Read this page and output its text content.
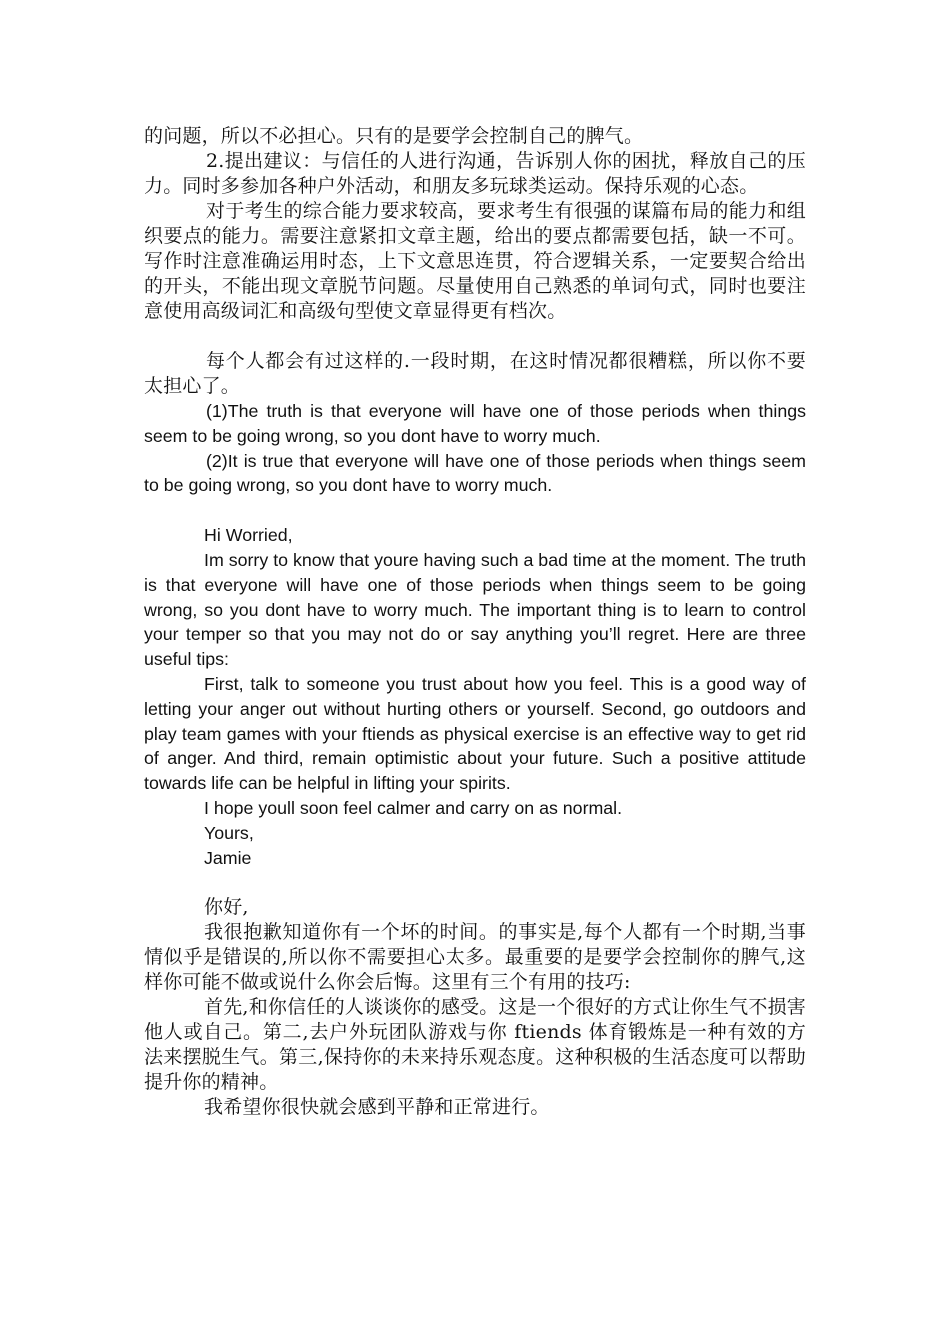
的问题，所以不必担心。只有的是要学会控制自己的脾气。

2.提出建议：与信任的人进行沟通，告诉别人你的困扰，释放自己的压力。同时多参加各种户外活动，和朋友多玩球类运动。保持乐观的心态。

对于考生的综合能力要求较高，要求考生有很强的谋篇布局的能力和组织要点的能力。需要注意紧扣文章主题，给出的要点都需要包括，缺一不可。写作时注意准确运用时态，上下文意思连贯，符合逻辑关系，一定要契合给出的开头，不能出现文章脱节问题。尽量使用自己熟悉的单词句式，同时也要注意使用高级词汇和高级句型使文章显得更有档次。

每个人都会有过这样的.一段时期，在这时情况都很糟糕，所以你不要太担心了。

(1)The truth is that everyone will have one of those periods when things seem to be going wrong, so you dont have to worry much.

(2)It is true that everyone will have one of those periods when things seem to be going wrong, so you dont have to worry much.

Hi Worried,

Im sorry to know that youre having such a bad time at the moment. The truth is that everyone will have one of those periods when things seem to be going wrong, so you dont have to worry much. The important thing is to learn to control your temper so that you may not do or say anything you’ll regret. Here are three useful tips:

First, talk to someone you trust about how you feel. This is a good way of letting your anger out without hurting others or yourself. Second, go outdoors and play team games with your ftiends as physical exercise is an effective way to get rid of anger. And third, remain optimistic about your future. Such a positive attitude towards life can be helpful in lifting your spirits.

I hope youll soon feel calmer and carry on as normal.

Yours,

Jamie

你好,

我很抱歉知道你有一个坏的时间。的事实是,每个人都有一个时期,当事情似乎是错误的,所以你不需要担心太多。最重要的是要学会控制你的脾气,这样你可能不做或说什么你会后悔。这里有三个有用的技巧:

首先,和你信任的人谈谈你的感受。这是一个很好的方式让你生气不损害他人或自己。第二,去户外玩团队游戏与你 ftiends 体育锻炼是一种有效的方法来摆脱生气。第三,保持你的未来持乐观态度。这种积极的生活态度可以帮助提升你的精神。

我希望你很快就会感到平静和正常进行。
